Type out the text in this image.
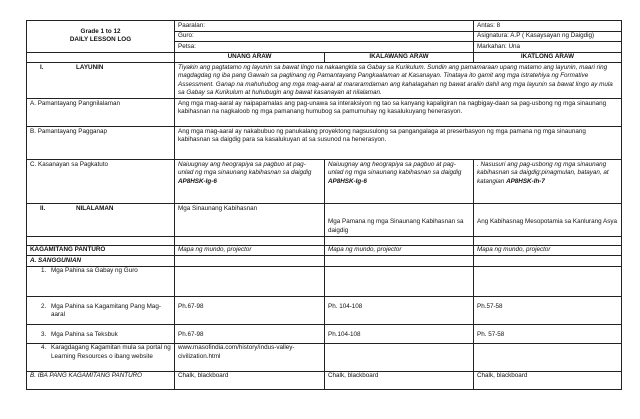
Grade 1 to 12
DAILY LESSON LOG	Paaralan:		Antas: 8
	Guro:		Asignatura: A.P ( Kasaysayan ng Daigdig)
	Petsa:		Markahan: Una
	UNANG ARAW	IKALAWANG ARAW	IKATLONG ARAW
I. LAYUNIN	Tiyakin ang pagtatamo ng layunin sa bawat lingo na nakaangkla sa Gabay sa Kurikulum. Sundin ang pamamaraan upang matamo ang layunin, maari ring magdagdag ng iba pang Gawain sa paglinang ng Pamantayang Pangkaalaman at Kasanayan. Tinataya ito gamit ang mga istratehiya ng Formative Assessment. Ganap na mahuhubog ang mga mag-aaral at mararamdaman ang kahalagahan ng bawat araliin dahil ang mga layunin sa bawat lingo ay mula sa Gabay sa Kurikulum at huhubugin ang bawat kasanayan at nilalaman.		
A. Pamantayang Pangnilalaman	Ang mga mag-aaral ay naipapamalas ang pag-unawa sa interaksiyon ng tao sa kanyang kapaligiran na nagbigay-daan sa pag-usbong ng mga sinaunang kabihasnan na nagkaloob ng mga pamanang humubog sa pamumuhay ng kasalukuyang henerasyon.		
B. Pamantayang Pagganap	Ang mga mag-aaral ay nakabubuo ng panukalang proyektong nagsusulong sa pangangalaga at preserbasyon ng mga pamana ng mga sinaunang kabihasnan sa daigdig para sa kasalukuyan at sa susunod na henerasyon.		
C. Kasanayan sa Pagkatuto	Naiuugnay ang heograpiya sa pagbuo at pag-unlad ng mga sinaunang kabihasnan sa daigdig AP8HSK-Ig-6	Naiuugnay ang heograpiya sa pagbuo at pag-unlad ng mga sinaunang kabihasnan sa daigdig AP8HSK-Ig-6	. Nasusuri ang pag-usbong ng mga sinaunang kabihasnan sa daigdig:pinagmulan, batayan, at katangian AP8HSK-Ih-7
II. NILALAMAN	Mga Sinaunang Kabihasnan	Mga Pamana ng mga Sinaunang Kabihasnan sa daigdig	Ang Kabihasnag Mesopotamia sa Kanlurang Asya

KAGAMITANG PANTURO	Mapa ng mundo, projector	Mapa ng mundo, projector	Mapa ng mundo, projector
A. SANGGUNIAN			

1. Mga Pahina sa Gabay ng Guro			

2. Mga Pahina sa Kagamitang Pang Mag-aaral	Ph.67-98	Ph. 104-108	Ph.57-58

3. Mga Pahina sa Teksbuk	Ph.67-98	Ph.104-108	Ph. 57-58

4. Karagdagang Kagamitan mula sa portal ng Learning Resources o ibang website	www.masofindia.com/history/indus-valley-civilization.html		
B. IBA PANG KAGAMITANG PANTURO	Chalk, blackboard	Chalk, blackboard	Chalk, blackboard
